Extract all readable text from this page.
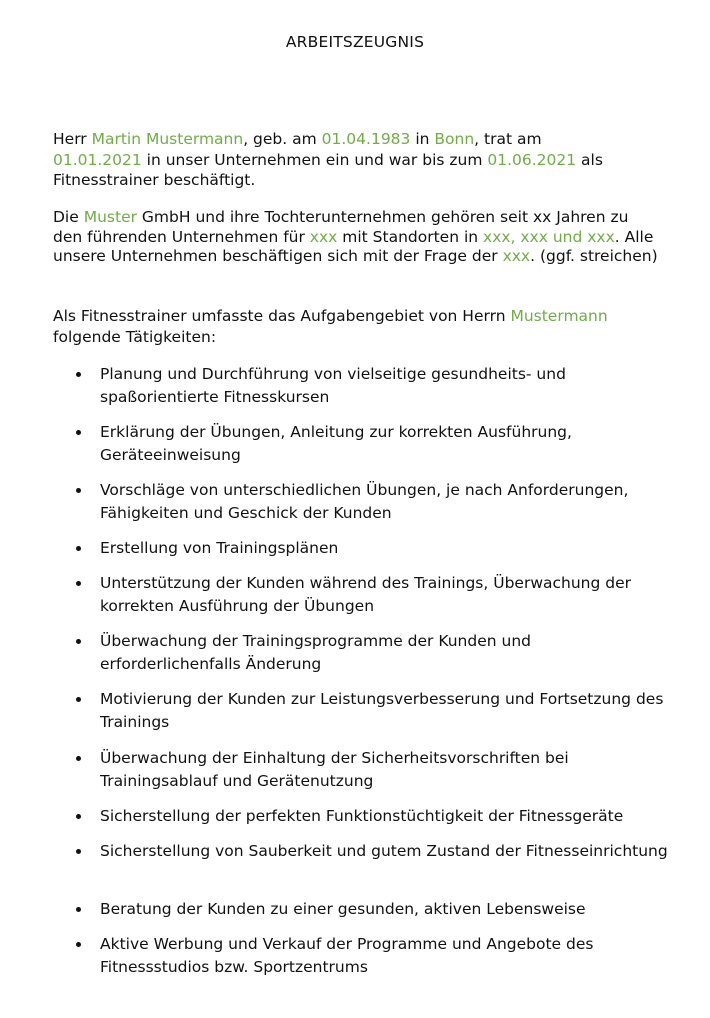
ARBEITSZEUGNIS
Herr Martin Mustermann, geb. am 01.04.1983 in Bonn, trat am
01.01.2021 in unser Unternehmen ein und war bis zum 01.06.2021 als Fitnesstrainer beschäftigt.
Die Muster GmbH und ihre Tochterunternehmen gehören seit xx Jahren zu den führenden Unternehmen für xxx mit Standorten in xxx, xxx und xxx. Alle unsere Unternehmen beschäftigen sich mit der Frage der xxx. (ggf. streichen)
Als Fitnesstrainer umfasste das Aufgabengebiet von Herrn Mustermann
folgende Tätigkeiten:
Planung und Durchführung von vielseitige gesundheits- und spaßorientierte Fitnesskursen
Erklärung der Übungen, Anleitung zur korrekten Ausführung, Geräteeinweisung
Vorschläge von unterschiedlichen Übungen, je nach Anforderungen, Fähigkeiten und Geschick der Kunden
Erstellung von Trainingsplänen
Unterstützung der Kunden während des Trainings, Überwachung der korrekten Ausführung der Übungen
Überwachung der Trainingsprogramme der Kunden und erforderlichenfalls Änderung
Motivierung der Kunden zur Leistungsverbesserung und Fortsetzung des Trainings
Überwachung der Einhaltung der Sicherheitsvorschriften bei Trainingsablauf und Gerätenutzung
Sicherstellung der perfekten Funktionstüchtigkeit der Fitnessgeräte
Sicherstellung von Sauberkeit und gutem Zustand der Fitnesseinrichtung
Beratung der Kunden zu einer gesunden, aktiven Lebensweise
Aktive Werbung und Verkauf der Programme und Angebote des Fitnessstudios bzw. Sportzentrums
